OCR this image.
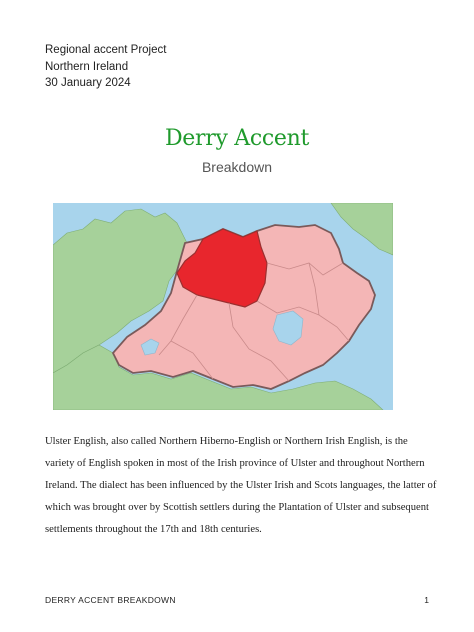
Regional accent Project
Northern Ireland
30 January 2024
Derry Accent
Breakdown
Ulster English, also called Northern Hiberno-English or Northern Irish English, is the variety of English spoken in most of the Irish province of Ulster and throughout Northern Ireland. The dialect has been influenced by the Ulster Irish and Scots languages, the latter of which was brought over by Scottish settlers during the Plantation of Ulster and subsequent settlements throughout the 17th and 18th centuries.
DERRY ACCENT BREAKDOWN	1
